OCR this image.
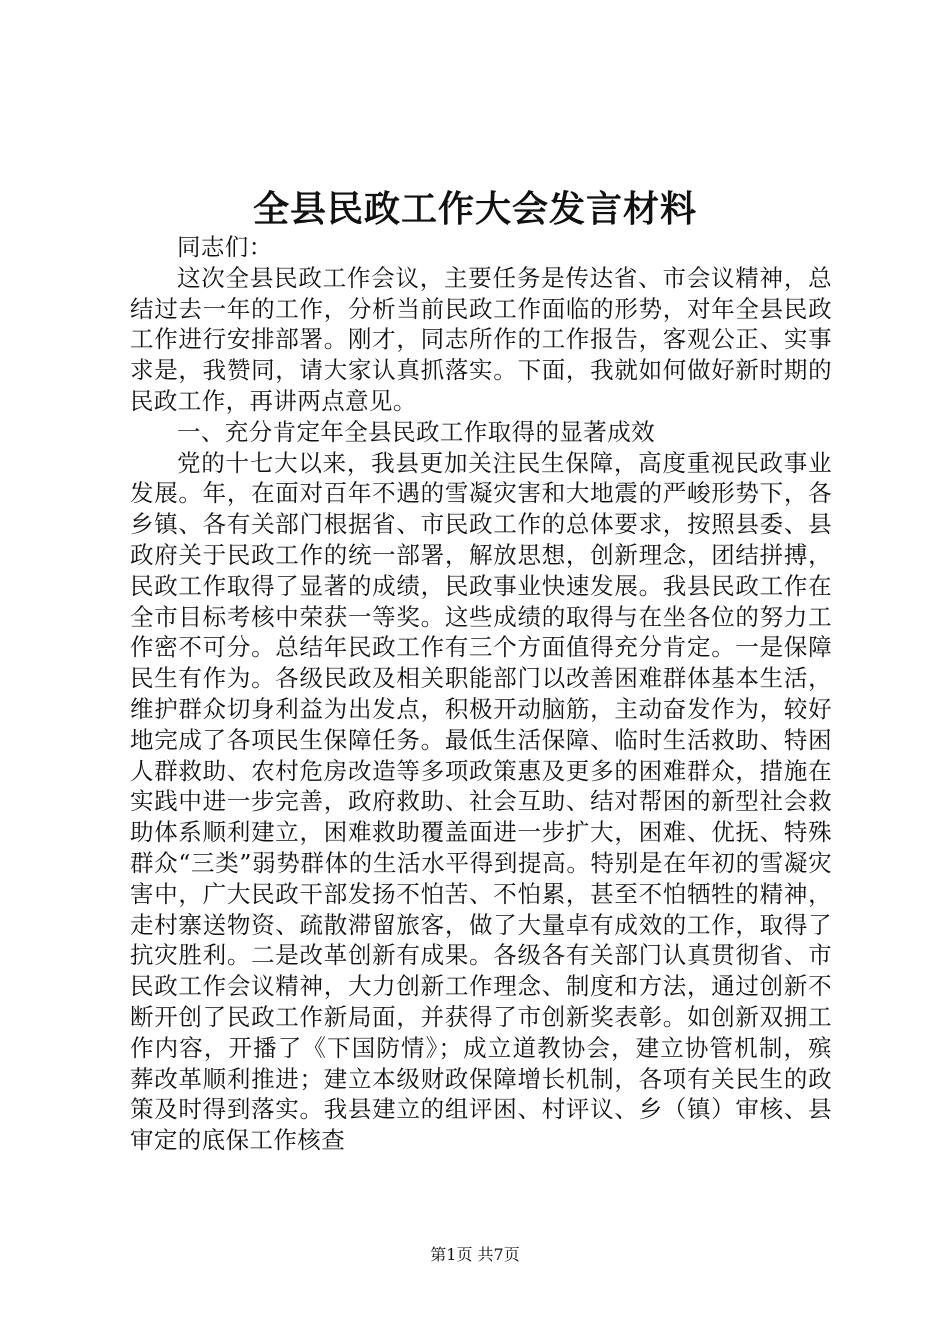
全县民政工作大会发言材料

同志们：

这次全县民政工作会议，主要任务是传达省、市会议精神，总结过去一年的工作，分析当前民政工作面临的形势，对年全县民政工作进行安排部署。刚才，同志所作的工作报告，客观公正、实事求是，我赞同，请大家认真抓落实。下面，我就如何做好新时期的民政工作，再讲两点意见。

一、充分肯定年全县民政工作取得的显著成效

党的十七大以来，我县更加关注民生保障，高度重视民政事业发展。年，在面对百年不遇的雪凝灾害和大地震的严峻形势下，各乡镇、各有关部门根据省、市民政工作的总体要求，按照县委、县政府关于民政工作的统一部署，解放思想，创新理念，团结拼搏，民政工作取得了显著的成绩，民政事业快速发展。我县民政工作在全市目标考核中荣获一等奖。这些成绩的取得与在坐各位的努力工作密不可分。总结年民政工作有三个方面值得充分肯定。一是保障民生有作为。各级民政及相关职能部门以改善困难群体基本生活，维护群众切身利益为出发点，积极开动脑筋，主动奋发作为，较好地完成了各项民生保障任务。最低生活保障、临时生活救助、特困人群救助、农村危房改造等多项政策惠及更多的困难群众，措施在实践中进一步完善，政府救助、社会互助、结对帮困的新型社会救助体系顺利建立，困难救助覆盖面进一步扩大，困难、优抚、特殊群众“三类”弱势群体的生活水平得到提高。特别是在年初的雪凝灾害中，广大民政干部发扬不怕苦、不怕累，甚至不怕牺牲的精神，走村寨送物资、疏散滞留旅客，做了大量卓有成效的工作，取得了抗灾胜利。二是改革创新有成果。各级各有关部门认真贯彻省、市民政工作会议精神，大力创新工作理念、制度和方法，通过创新不断开创了民政工作新局面，并获得了市创新奖表彰。如创新双拥工作内容，开播了《下国防情》；成立道教协会，建立协管机制，殡葬改革顺利推进；建立本级财政保障增长机制，各项有关民生的政策及时得到落实。我县建立的组评困、村评议、乡（镇）审核、县审定的底保工作核查

第1页 共7页
